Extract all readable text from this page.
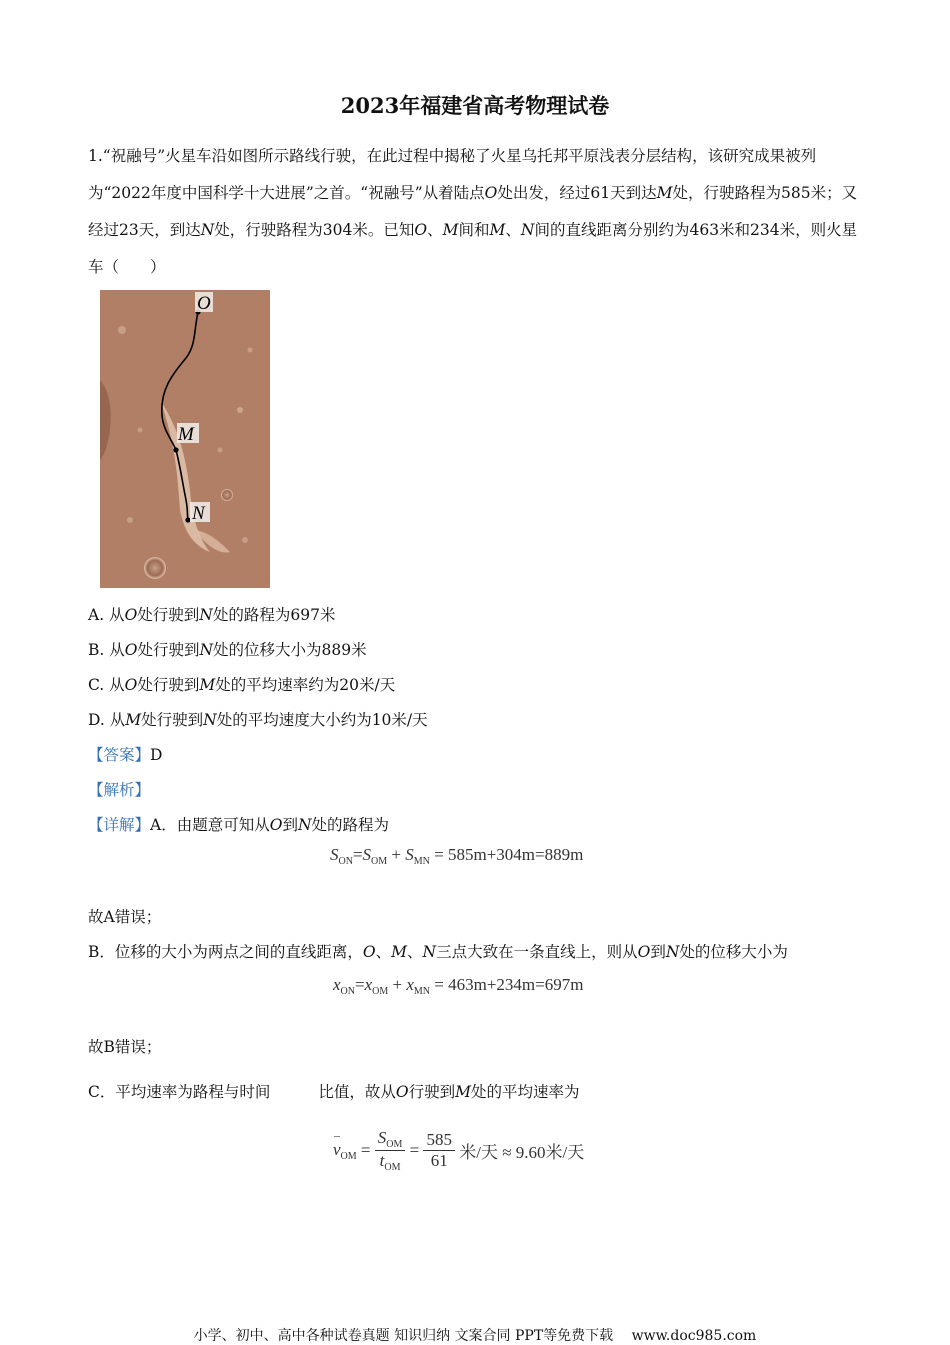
2023年福建省高考物理试卷
1.“祝融号”火星车沿如图所示路线行驶，在此过程中揭秘了火星乌托邦平原浅表分层结构，该研究成果被列为“2022年度中国科学十大进展”之首。“祝融号”从着陆点O处出发，经过61天到达M处，行驶路程为585米；又经过23天，到达N处，行驶路程为304米。已知O、M间和M、N间的直线距离分别约为463米和234米，则火星车（　　）
O
M
N
A. 从O处行驶到N处的路程为697米
B. 从O处行驶到N处的位移大小为889米
C. 从O处行驶到M处的平均速率约为20米/天
D. 从M处行驶到N处的平均速度大小约为10米/天
【答案】D
【解析】
【详解】A．由题意可知从O到N处的路程为
$S_{ON}=S_{OM} + S_{MN} = 585m+304m=889m$
故A错误；
B．位移的大小为两点之间的直线距离，O、M、N三点大致在一条直线上，则从O到N处的位移大小为
$x_{ON}=x_{OM} + x_{MN} = 463m+234m=697m$
故B错误；
C．平均速率为路程与时间	比值，故从O行驶到M处的平均速率为
–
$v_{OM} = \frac{S_{OM}}{t_{OM}} = \frac{585}{61}$ 米/天 ≈ 9.60米/天
小学、初中、高中各种试卷真题 知识归纳 文案合同 PPT等免费下载　 www.doc985.com
